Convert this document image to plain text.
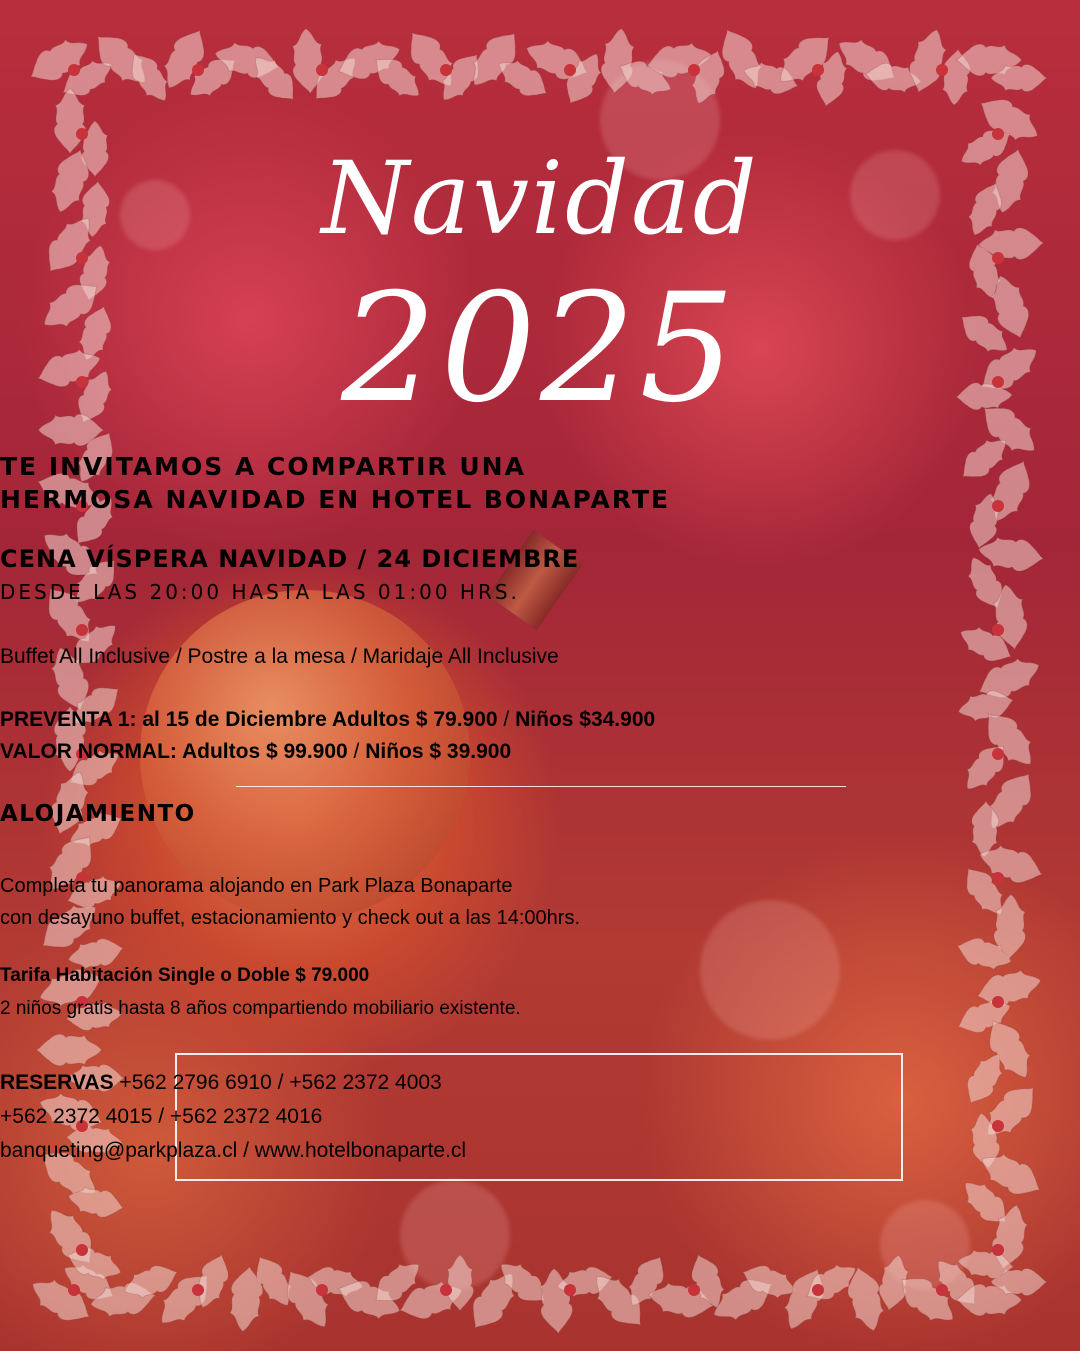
Navidad
2025
TE INVITAMOS A COMPARTIR UNA
HERMOSA NAVIDAD EN HOTEL BONAPARTE
CENA VÍSPERA NAVIDAD / 24 DICIEMBRE
DESDE LAS 20:00 HASTA LAS 01:00 HRS.
Buffet All Inclusive / Postre a la mesa / Maridaje All Inclusive
PREVENTA 1: al 15 de Diciembre Adultos $ 79.900 / Niños $34.900
VALOR NORMAL: Adultos $ 99.900 / Niños $ 39.900
ALOJAMIENTO
Completa tu panorama alojando en Park Plaza Bonaparte
con desayuno buffet, estacionamiento y check out a las 14:00hrs.
Tarifa Habitación Single o Doble $ 79.000
2 niños gratis hasta 8 años compartiendo mobiliario existente.
RESERVAS +562 2796 6910 / +562 2372 4003
+562 2372 4015 / +562 2372 4016
banqueting@parkplaza.cl / www.hotelbonaparte.cl
